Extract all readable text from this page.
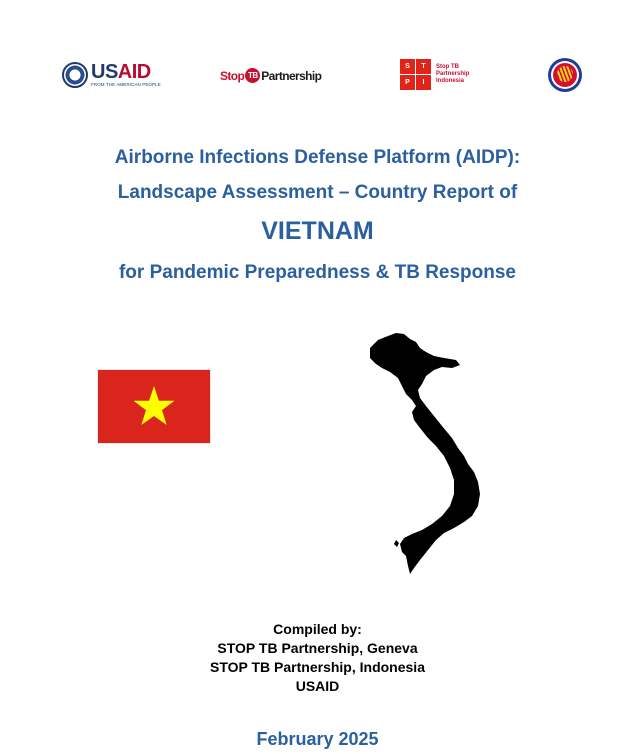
USAID
FROM THE AMERICAN PEOPLE
Stop TB Partnership
S	T
P	I
Stop TB
Partnership
Indonesia
Airborne Infections Defense Platform (AIDP):
Landscape Assessment – Country Report of
VIETNAM
for Pandemic Preparedness & TB Response
Compiled by:
STOP TB Partnership, Geneva
STOP TB Partnership, Indonesia
USAID
February 2025
